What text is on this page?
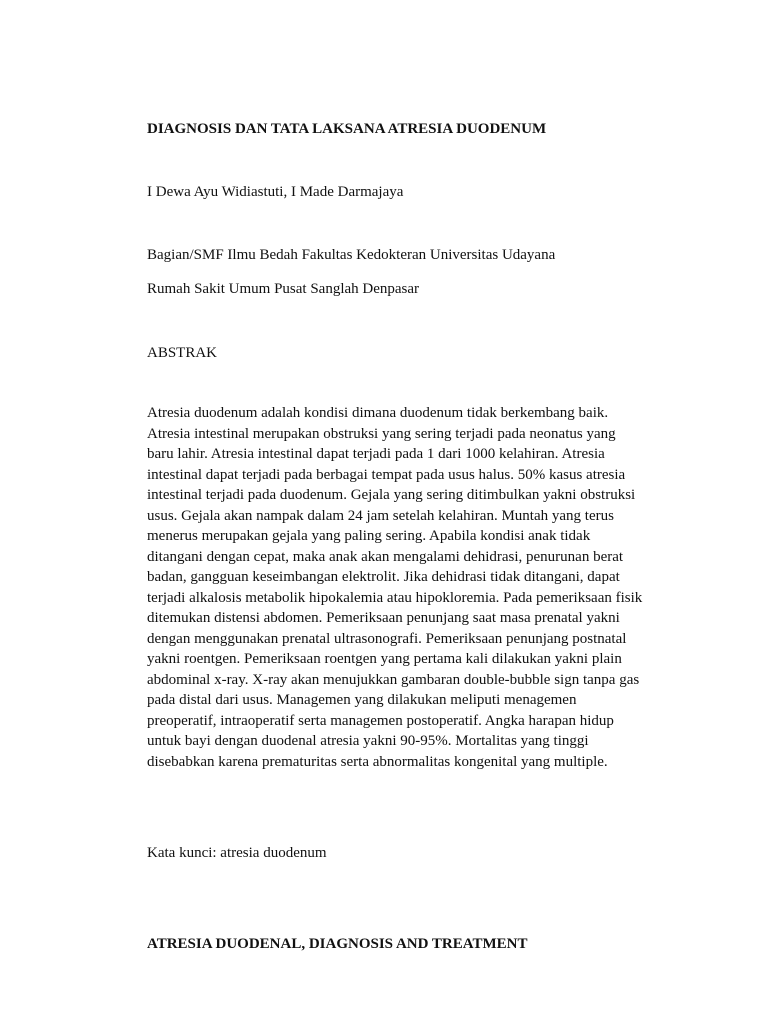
DIAGNOSIS DAN TATA LAKSANA ATRESIA DUODENUM

I Dewa Ayu Widiastuti, I Made Darmajaya

Bagian/SMF Ilmu Bedah Fakultas Kedokteran Universitas Udayana

Rumah Sakit Umum Pusat Sanglah Denpasar

ABSTRAK

Atresia duodenum adalah kondisi dimana duodenum tidak berkembang baik.
Atresia intestinal merupakan obstruksi yang sering terjadi pada neonatus yang
baru lahir. Atresia intestinal dapat terjadi pada 1 dari 1000 kelahiran. Atresia
intestinal dapat terjadi pada berbagai tempat pada usus halus. 50% kasus atresia
intestinal terjadi pada duodenum. Gejala yang sering ditimbulkan yakni obstruksi
usus. Gejala akan nampak dalam 24 jam setelah kelahiran. Muntah yang terus
menerus merupakan gejala yang paling sering. Apabila kondisi anak tidak
ditangani dengan cepat, maka anak akan mengalami dehidrasi, penurunan berat
badan, gangguan keseimbangan elektrolit. Jika dehidrasi tidak ditangani, dapat
terjadi alkalosis metabolik hipokalemia atau hipokloremia. Pada pemeriksaan fisik
ditemukan distensi abdomen. Pemeriksaan penunjang saat masa prenatal yakni
dengan menggunakan prenatal ultrasonografi. Pemeriksaan penunjang postnatal
yakni roentgen. Pemeriksaan roentgen yang pertama kali dilakukan yakni plain
abdominal x-ray. X-ray akan menujukkan gambaran double-bubble sign tanpa gas
pada distal dari usus. Managemen yang dilakukan meliputi menagemen
preoperatif, intraoperatif serta managemen postoperatif. Angka harapan hidup
untuk bayi dengan duodenal atresia yakni 90-95%. Mortalitas yang tinggi
disebabkan karena prematuritas serta abnormalitas kongenital yang multiple.

Kata kunci: atresia duodenum

ATRESIA DUODENAL, DIAGNOSIS AND TREATMENT
